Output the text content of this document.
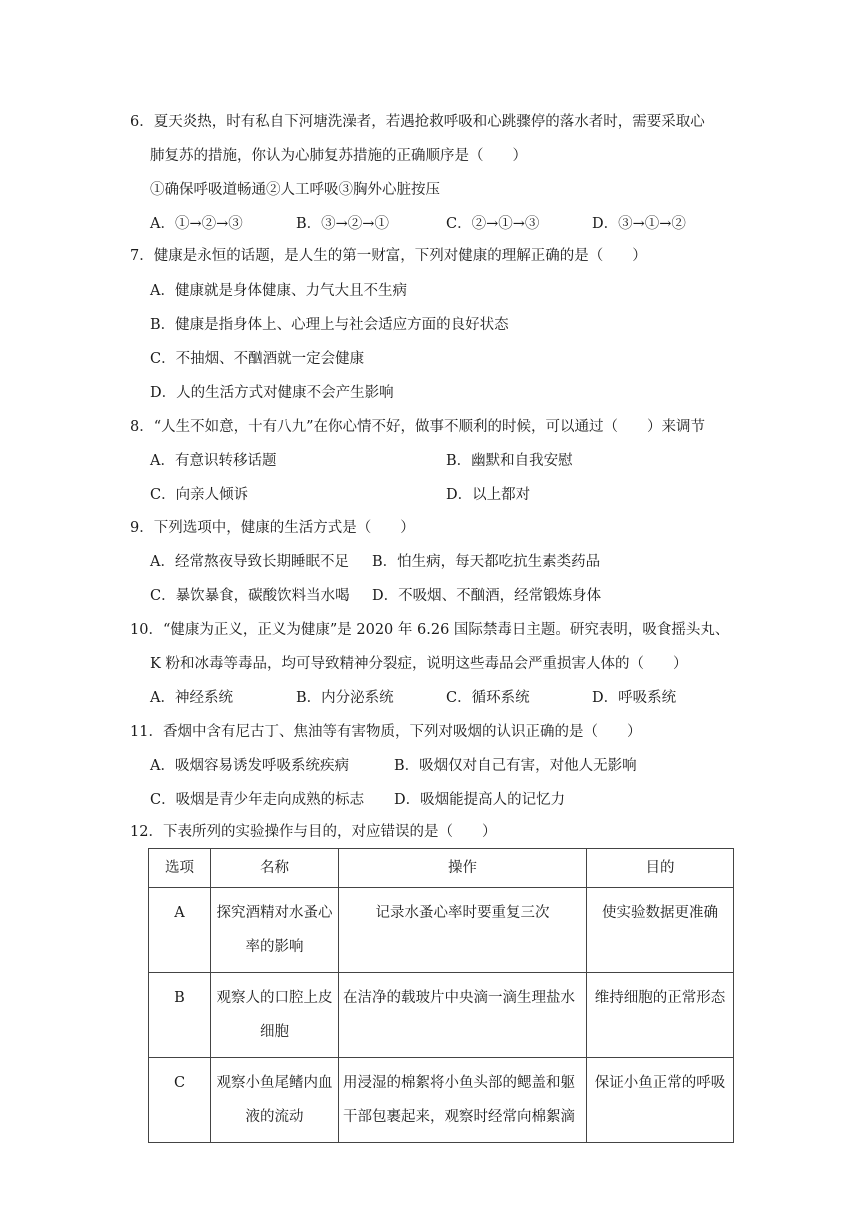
6．夏天炎热，时有私自下河塘洗澡者，若遇抢救呼吸和心跳骤停的落水者时，需要采取心
肺复苏的措施，你认为心肺复苏措施的正确顺序是（　　）
①确保呼吸道畅通②人工呼吸③胸外心脏按压
A．①→②→③	B．③→②→①	C．②→①→③	D．③→①→②
7．健康是永恒的话题，是人生的第一财富，下列对健康的理解正确的是（　　）
A．健康就是身体健康、力气大且不生病
B．健康是指身体上、心理上与社会适应方面的良好状态
C．不抽烟、不酗酒就一定会健康
D．人的生活方式对健康不会产生影响
8．“人生不如意，十有八九”在你心情不好，做事不顺利的时候，可以通过（　　）来调节
A．有意识转移话题	B．幽默和自我安慰
C．向亲人倾诉	D．以上都对
9．下列选项中，健康的生活方式是（　　）
A．经常熬夜导致长期睡眠不足 B．怕生病，每天都吃抗生素类药品
C．暴饮暴食，碳酸饮料当水喝 D．不吸烟、不酗酒，经常锻炼身体
10．“健康为正义，正义为健康”是 2020 年 6.26 国际禁毒日主题。研究表明，吸食摇头丸、
K 粉和冰毒等毒品，均可导致精神分裂症，说明这些毒品会严重损害人体的（　　）
A．神经系统	B．内分泌系统	C．循环系统	D．呼吸系统
11．香烟中含有尼古丁、焦油等有害物质，下列对吸烟的认识正确的是（　　）
A．吸烟容易诱发呼吸系统疾病	B．吸烟仅对自己有害，对他人无影响
C．吸烟是青少年走向成熟的标志 D．吸烟能提高人的记忆力
12．下表所列的实验操作与目的，对应错误的是（　　）
选项	名称	操作	目的
A	探究酒精对水蚤心率的影响	记录水蚤心率时要重复三次	使实验数据更准确
B	观察人的口腔上皮细胞	在洁净的载玻片中央滴一滴生理盐水	维持细胞的正常形态
C	观察小鱼尾鳍内血液的流动	用浸湿的棉絮将小鱼头部的鳃盖和躯干部包裹起来，观察时经常向棉絮滴	保证小鱼正常的呼吸
